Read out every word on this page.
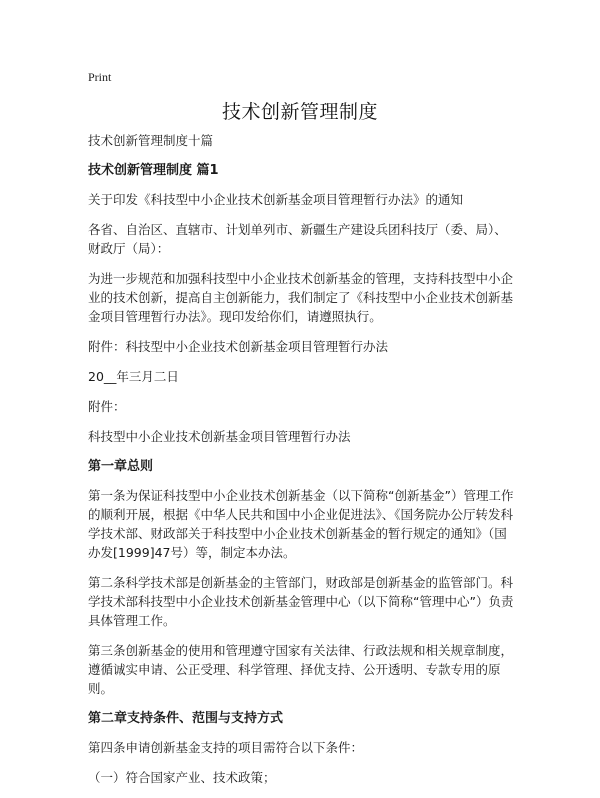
Print
技术创新管理制度

技术创新管理制度十篇

技术创新管理制度 篇1

关于印发《科技型中小企业技术创新基金项目管理暂行办法》的通知

各省、自治区、直辖市、计划单列市、新疆生产建设兵团科技厅（委、局）、财政厅（局）：

为进一步规范和加强科技型中小企业技术创新基金的管理，支持科技型中小企业的技术创新，提高自主创新能力，我们制定了《科技型中小企业技术创新基金项目管理暂行办法》。现印发给你们，请遵照执行。

附件：科技型中小企业技术创新基金项目管理暂行办法

20__年三月二日

附件：

科技型中小企业技术创新基金项目管理暂行办法

第一章总则

第一条为保证科技型中小企业技术创新基金（以下简称“创新基金”）管理工作的顺利开展，根据《中华人民共和国中小企业促进法》、《国务院办公厅转发科学技术部、财政部关于科技型中小企业技术创新基金的暂行规定的通知》（国办发[1999]47号）等，制定本办法。

第二条科学技术部是创新基金的主管部门，财政部是创新基金的监管部门。科学技术部科技型中小企业技术创新基金管理中心（以下简称“管理中心”）负责具体管理工作。

第三条创新基金的使用和管理遵守国家有关法律、行政法规和相关规章制度，遵循诚实申请、公正受理、科学管理、择优支持、公开透明、专款专用的原则。

第二章支持条件、范围与支持方式

第四条申请创新基金支持的项目需符合以下条件：

（一）符合国家产业、技术政策；
